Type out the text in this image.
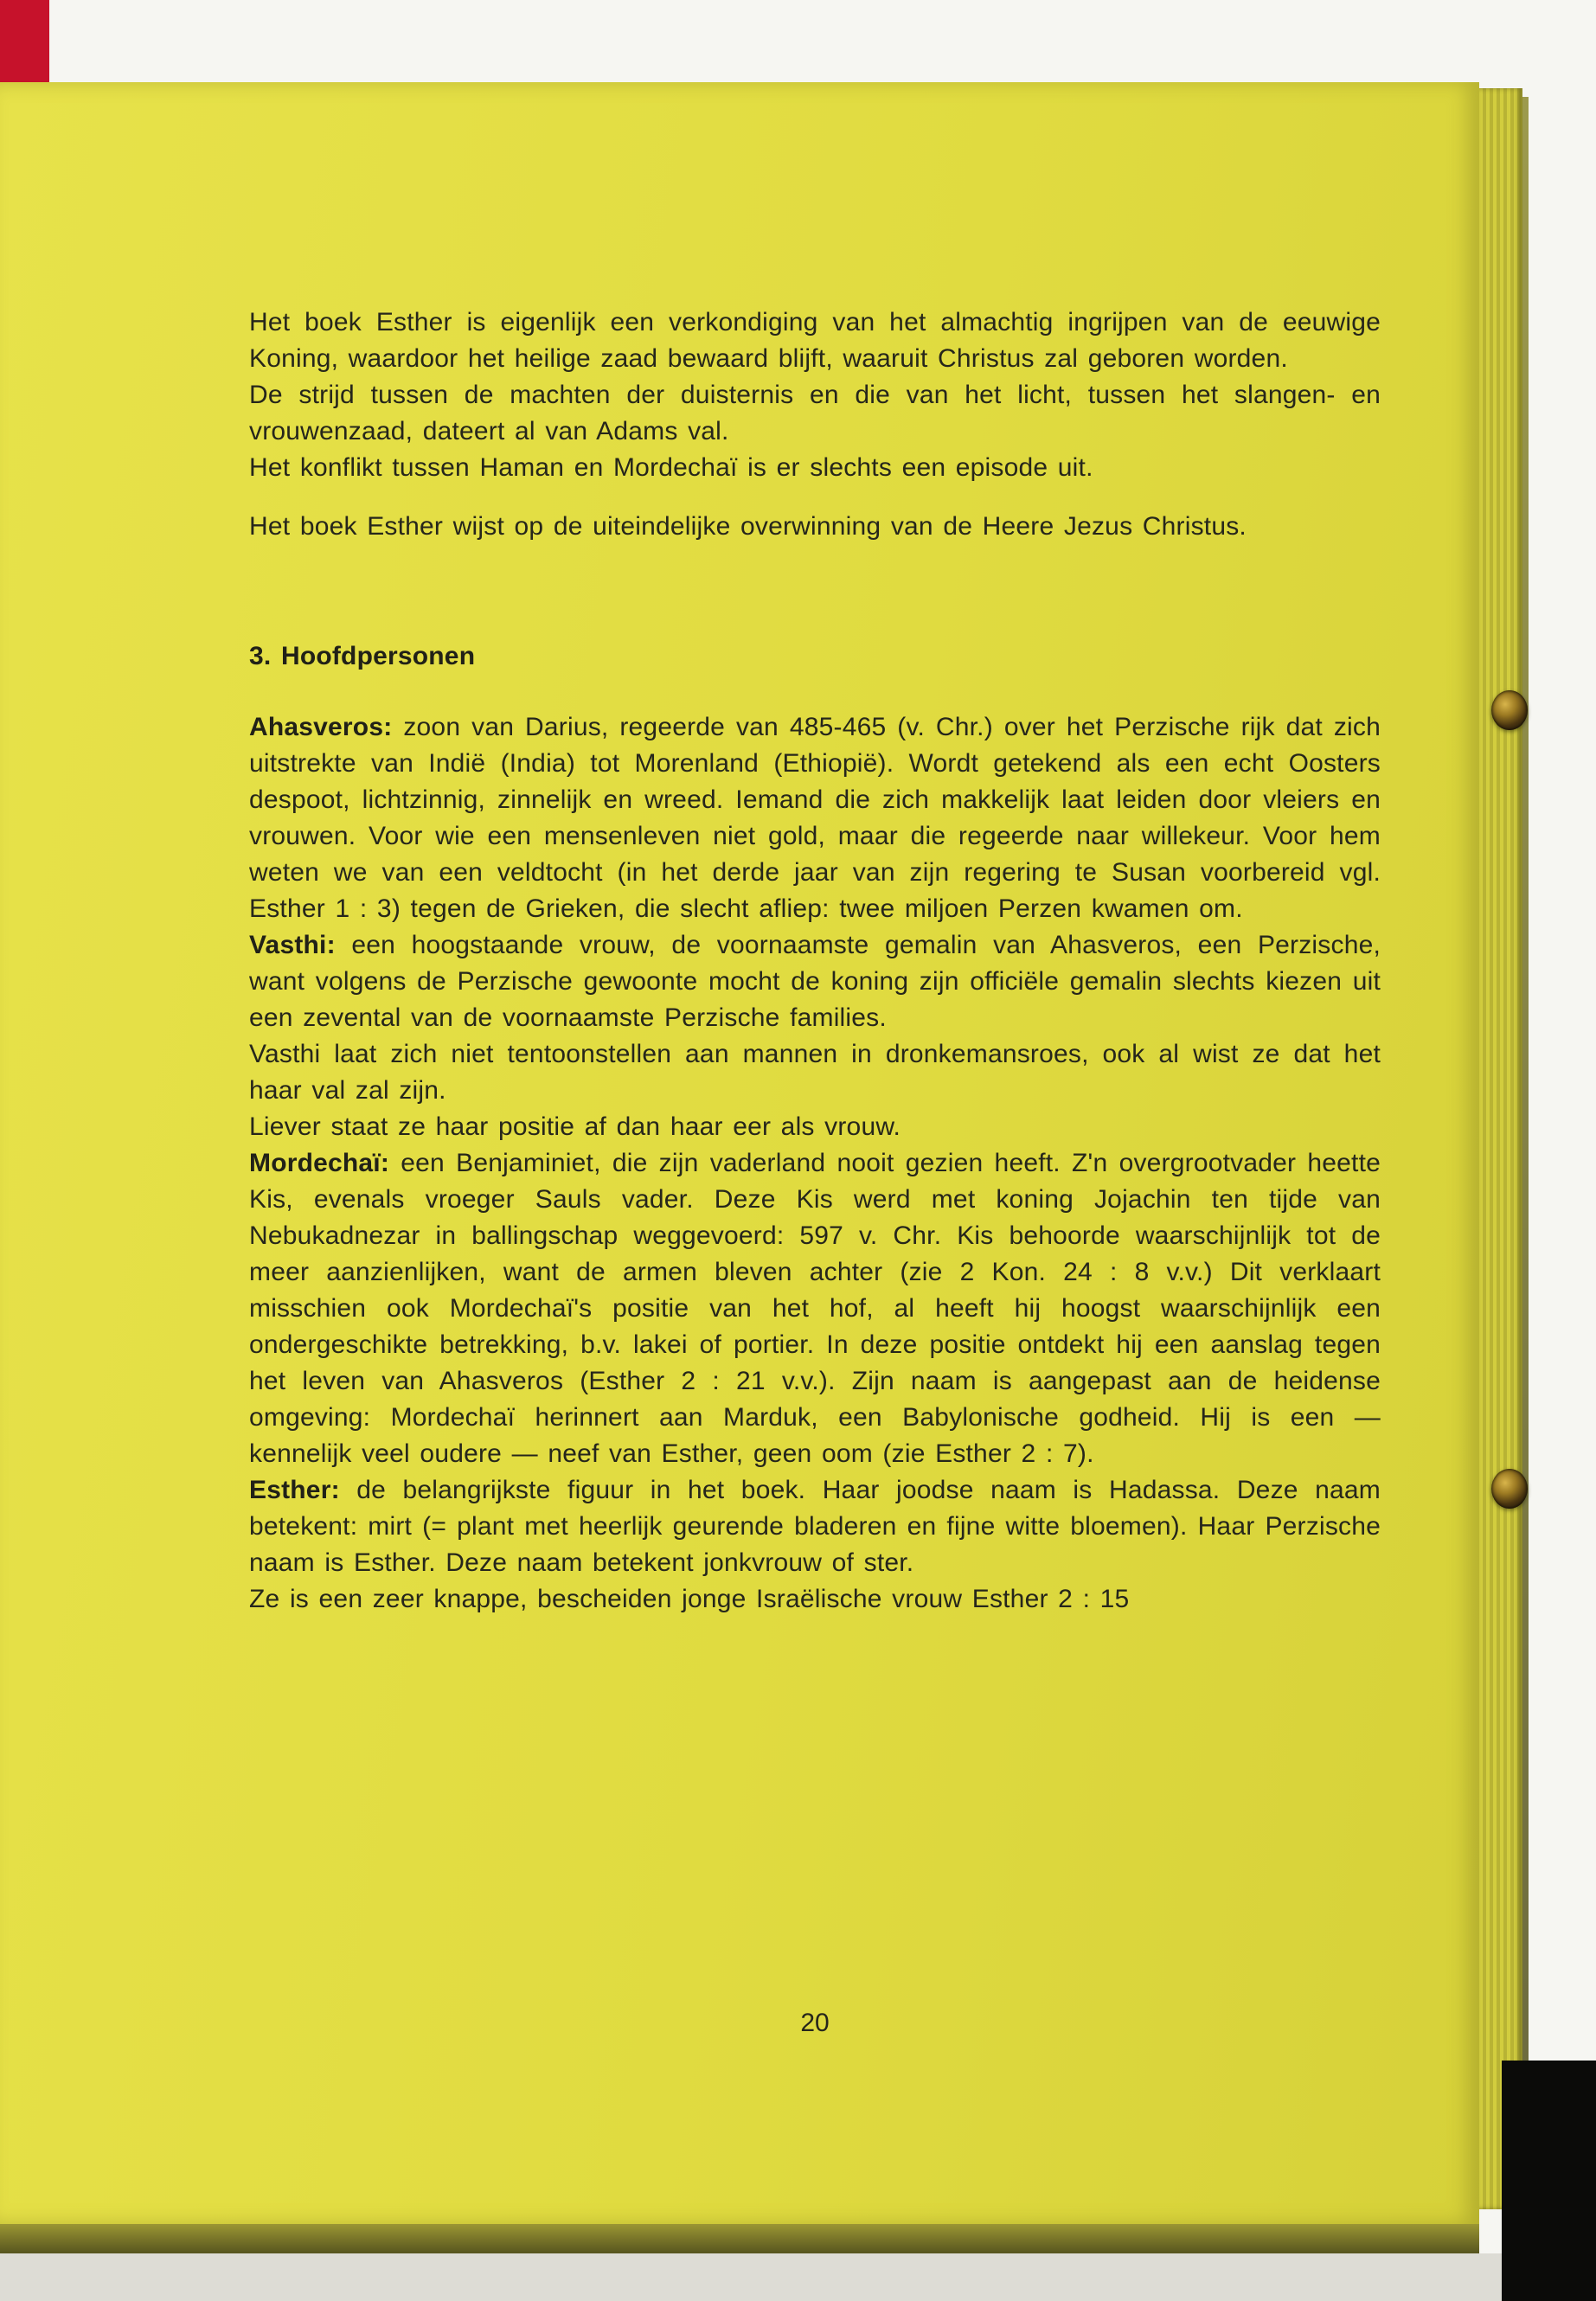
Het boek Esther is eigenlijk een verkondiging van het almachtig ingrijpen van de eeuwige Koning, waardoor het heilige zaad bewaard blijft, waaruit Christus zal geboren worden.

De strijd tussen de machten der duisternis en die van het licht, tussen het slangen- en vrouwenzaad, dateert al van Adams val.

Het konflikt tussen Haman en Mordechaï is er slechts een episode uit.

Het boek Esther wijst op de uiteindelijke overwinning van de Heere Jezus Christus.

3. Hoofdpersonen

Ahasveros: zoon van Darius, regeerde van 485-465 (v. Chr.) over het Perzische rijk dat zich uitstrekte van Indië (India) tot Morenland (Ethiopië). Wordt getekend als een echt Oosters despoot, lichtzinnig, zinnelijk en wreed. Iemand die zich makkelijk laat leiden door vleiers en vrouwen. Voor wie een mensenleven niet gold, maar die regeerde naar willekeur. Voor hem weten we van een veldtocht (in het derde jaar van zijn regering te Susan voorbereid vgl. Esther 1 : 3) tegen de Grieken, die slecht afliep: twee miljoen Perzen kwamen om.

Vasthi: een hoogstaande vrouw, de voornaamste gemalin van Ahasveros, een Perzische, want volgens de Perzische gewoonte mocht de koning zijn officiële gemalin slechts kiezen uit een zevental van de voornaamste Perzische families.

Vasthi laat zich niet tentoonstellen aan mannen in dronkemansroes, ook al wist ze dat het haar val zal zijn.

Liever staat ze haar positie af dan haar eer als vrouw.

Mordechaï: een Benjaminiet, die zijn vaderland nooit gezien heeft. Z'n overgrootvader heette Kis, evenals vroeger Sauls vader. Deze Kis werd met koning Jojachin ten tijde van Nebukadnezar in ballingschap weggevoerd: 597 v. Chr. Kis behoorde waarschijnlijk tot de meer aanzienlijken, want de armen bleven achter (zie 2 Kon. 24 : 8 v.v.) Dit verklaart misschien ook Mordechaï's positie van het hof, al heeft hij hoogst waarschijnlijk een ondergeschikte betrekking, b.v. lakei of portier. In deze positie ontdekt hij een aanslag tegen het leven van Ahasveros (Esther 2 : 21 v.v.). Zijn naam is aangepast aan de heidense omgeving: Mordechaï herinnert aan Marduk, een Babylonische godheid. Hij is een — kennelijk veel oudere — neef van Esther, geen oom (zie Esther 2 : 7).

Esther: de belangrijkste figuur in het boek. Haar joodse naam is Hadassa. Deze naam betekent: mirt (= plant met heerlijk geurende bladeren en fijne witte bloemen). Haar Perzische naam is Esther. Deze naam betekent jonkvrouw of ster.

Ze is een zeer knappe, bescheiden jonge Israëlische vrouw Esther 2 : 15

20
